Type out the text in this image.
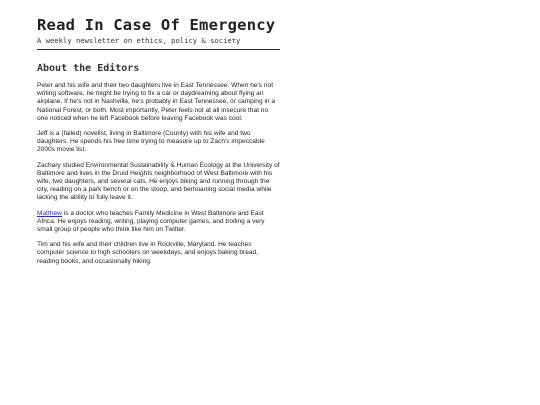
Read In Case Of Emergency
A weekly newsletter on ethics, policy & society
About the Editors

Peter and his wife and their two daughters live in East Tennessee. When he's not writing software, he might be trying to fix a car or daydreaming about flying an airplane. If he's not in Nashville, he's probably in East Tennessee, or camping in a National Forest, or both. Most importantly, Peter feels not at all insecure that no one noticed when he left Facebook before leaving Facebook was cool.

Jeff is a (failed) novelist, living in Baltimore (County) with his wife and two daughters. He spends his free time trying to measure up to Zach's impeccable 2000s movie list.

Zachary studied Environmental Sustainability & Human Ecology at the University of Baltimore and lives in the Druid Heights neighborhood of West Baltimore with his wife, two daughters, and several cats. He enjoys biking and running through the city, reading on a park bench or on the stoop, and bemoaning social media while lacking the ability to fully leave it.

Matthew is a doctor who teaches Family Medicine in West Baltimore and East Africa. He enjoys reading, writing, playing computer games, and trolling a very small group of people who think like him on Twitter.

Tim and his wife and their children live in Rockville, Maryland. He teaches computer science to high schoolers on weekdays, and enjoys baking bread, reading books, and occasionally hiking.
